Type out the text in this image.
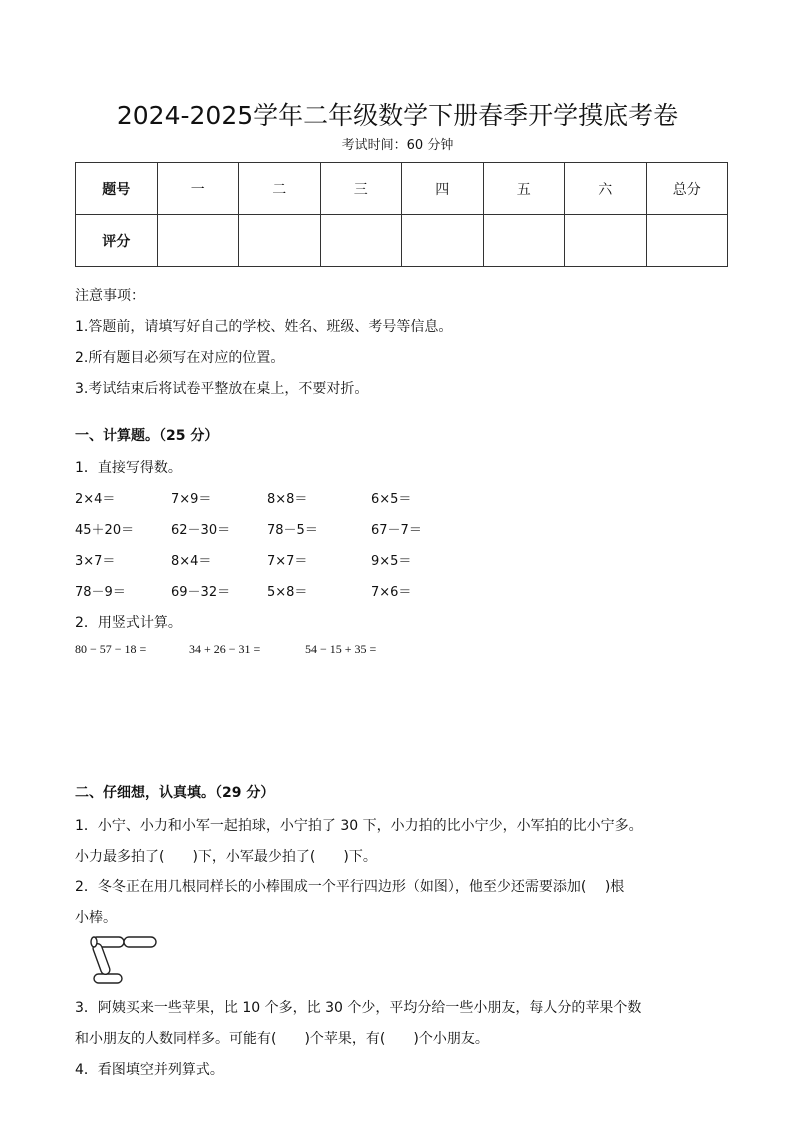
2024-2025学年二年级数学下册春季开学摸底考卷
考试时间：60 分钟
题号	一	二	三	四	五	六	总分
评分							
注意事项：
1.答题前，请填写好自己的学校、姓名、班级、考号等信息。
2.所有题目必须写在对应的位置。
3.考试结束后将试卷平整放在桌上，不要对折。
一、计算题。（25 分）
1．直接写得数。
2×4＝	7×9＝	8×8＝	6×5＝
45＋20＝	62－30＝	78－5＝	67－7＝
3×7＝	8×4＝	7×7＝	9×5＝
78－9＝	69－32＝	5×8＝	7×6＝
2．用竖式计算。
80 − 57 − 18 =	34 + 26 − 31 =	54 − 15 + 35 =
二、仔细想，认真填。（29 分）
1．小宁、小力和小军一起拍球，小宁拍了 30 下，小力拍的比小宁少，小军拍的比小宁多。
小力最多拍了(　　)下，小军最少拍了(　　)下。
2．冬冬正在用几根同样长的小棒围成一个平行四边形（如图），他至少还需要添加(　 )根
小棒。
3．阿姨买来一些苹果，比 10 个多，比 30 个少，平均分给一些小朋友，每人分的苹果个数
和小朋友的人数同样多。可能有(　　)个苹果，有(　　)个小朋友。
4．看图填空并列算式。
